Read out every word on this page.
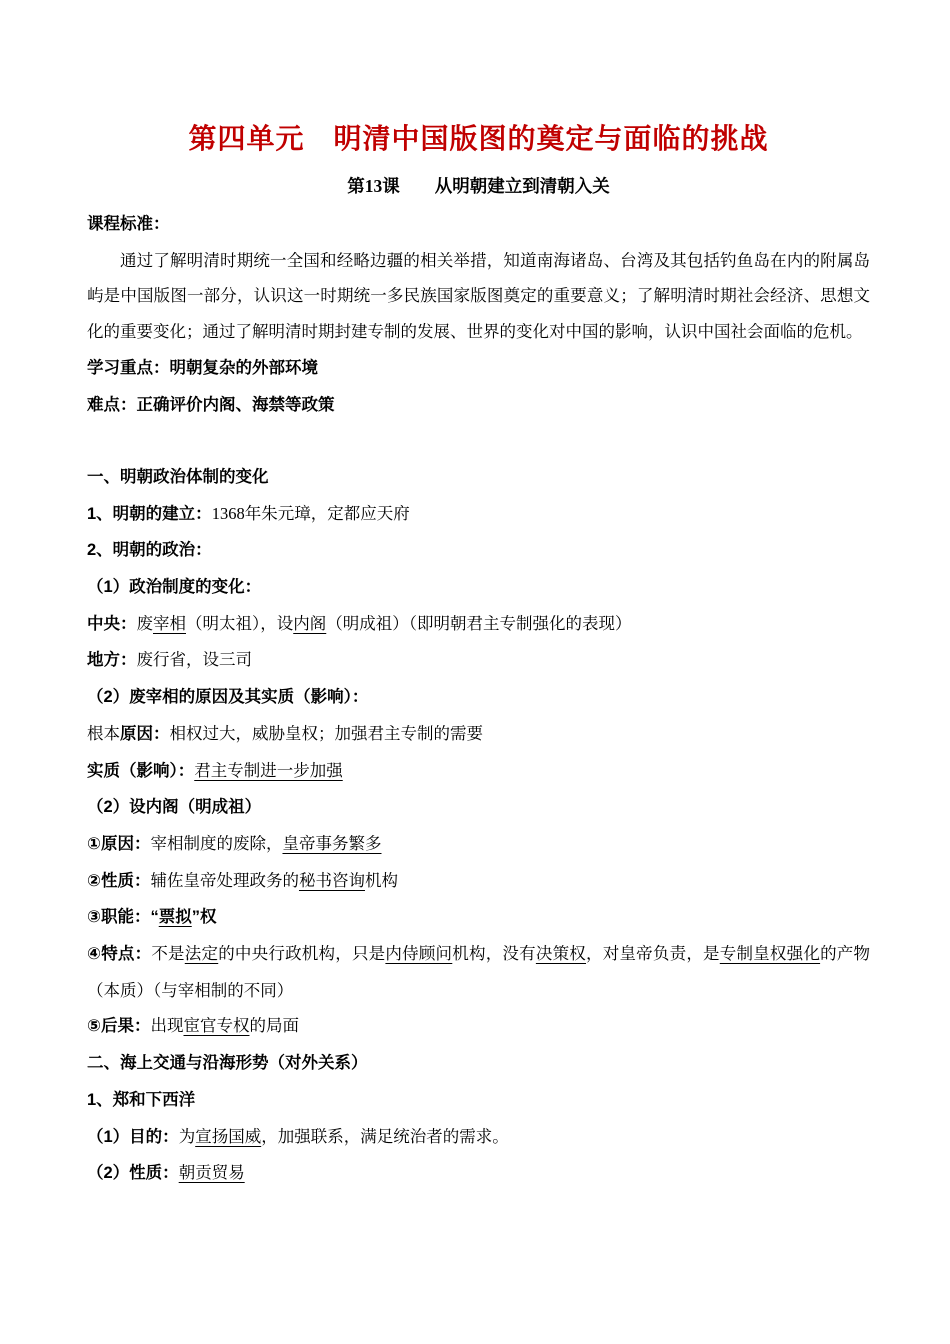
第四单元　明清中国版图的奠定与面临的挑战
第13课　　从明朝建立到清朝入关

课程标准：

通过了解明清时期统一全国和经略边疆的相关举措，知道南海诸岛、台湾及其包括钓鱼岛在内的附属岛屿是中国版图一部分，认识这一时期统一多民族国家版图奠定的重要意义；了解明清时期社会经济、思想文化的重要变化；通过了解明清时期封建专制的发展、世界的变化对中国的影响，认识中国社会面临的危机。

学习重点：明朝复杂的外部环境

难点：正确评价内阁、海禁等政策

一、明朝政治体制的变化

1、明朝的建立：1368年朱元璋，定都应天府

2、明朝的政治：

（1）政治制度的变化：

中央：废宰相（明太祖），设内阁（明成祖）（即明朝君主专制强化的表现）

地方：废行省，设三司

（2）废宰相的原因及其实质（影响）：

根本原因：相权过大，威胁皇权；加强君主专制的需要

实质（影响）：君主专制进一步加强

（2）设内阁（明成祖）

①原因：宰相制度的废除，皇帝事务繁多

②性质：辅佐皇帝处理政务的秘书咨询机构

③职能：“票拟”权

④特点：不是法定的中央行政机构，只是内侍顾问机构，没有决策权，对皇帝负责，是专制皇权强化的产物（本质）（与宰相制的不同）

⑤后果：出现宦官专权的局面

二、海上交通与沿海形势（对外关系）

1、郑和下西洋

（1）目的：为宣扬国威，加强联系，满足统治者的需求。

（2）性质：朝贡贸易
